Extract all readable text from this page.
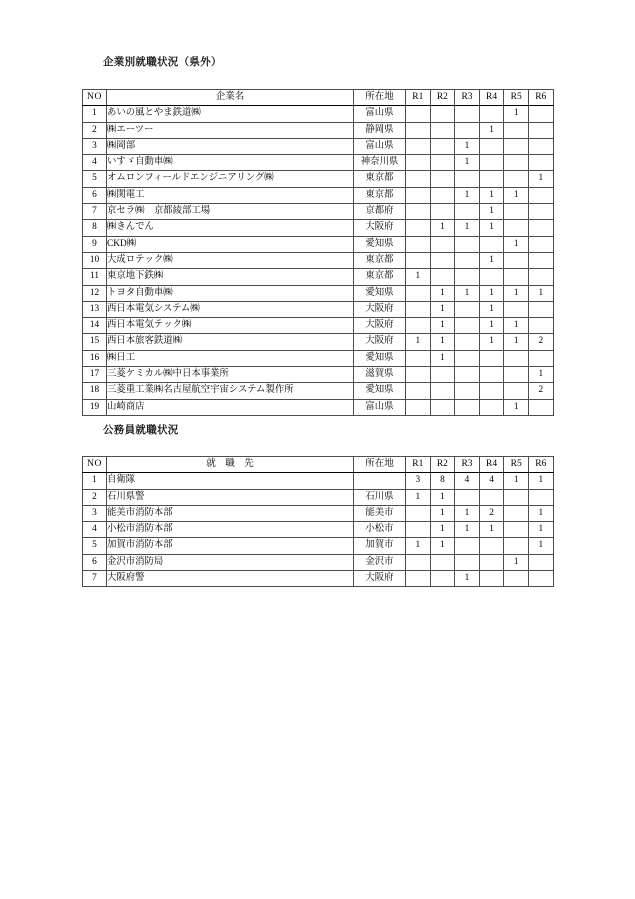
企業別就職状況（県外）
NO	企業名	所在地	R1	R2	R3	R4	R5	R6
1	あいの風とやま鉄道㈱	富山県					1	
2	㈱エーツー	静岡県				1		
3	㈱岡部	富山県			1			
4	いすゞ自動車㈱	神奈川県			1			
5	オムロンフィールドエンジニアリング㈱	東京都						1
6	㈱関電工	東京都			1	1	1	
7	京セラ㈱　京都綾部工場	京都府				1		
8	㈱きんでん	大阪府		1	1	1		
9	CKD㈱	愛知県					1	
10	大成ロテック㈱	東京都				1		
11	東京地下鉄㈱	東京都	1					
12	トヨタ自動車㈱	愛知県		1	1	1	1	1
13	西日本電気システム㈱	大阪府		1		1		
14	西日本電気テック㈱	大阪府		1		1	1	
15	西日本旅客鉄道㈱	大阪府	1	1		1	1	2
16	㈱日工	愛知県		1				
17	三菱ケミカル㈱中日本事業所	滋賀県						1
18	三菱重工業㈱名古屋航空宇宙システム製作所	愛知県						2
19	山崎商店	富山県					1	
公務員就職状況
NO	就　職　先	所在地	R1	R2	R3	R4	R5	R6
1	自衛隊		3	8	4	4	1	1
2	石川県警	石川県	1	1				
3	能美市消防本部	能美市		1	1	2		1
4	小松市消防本部	小松市		1	1	1		1
5	加賀市消防本部	加賀市	1	1				1
6	金沢市消防局	金沢市					1	
7	大阪府警	大阪府			1			
